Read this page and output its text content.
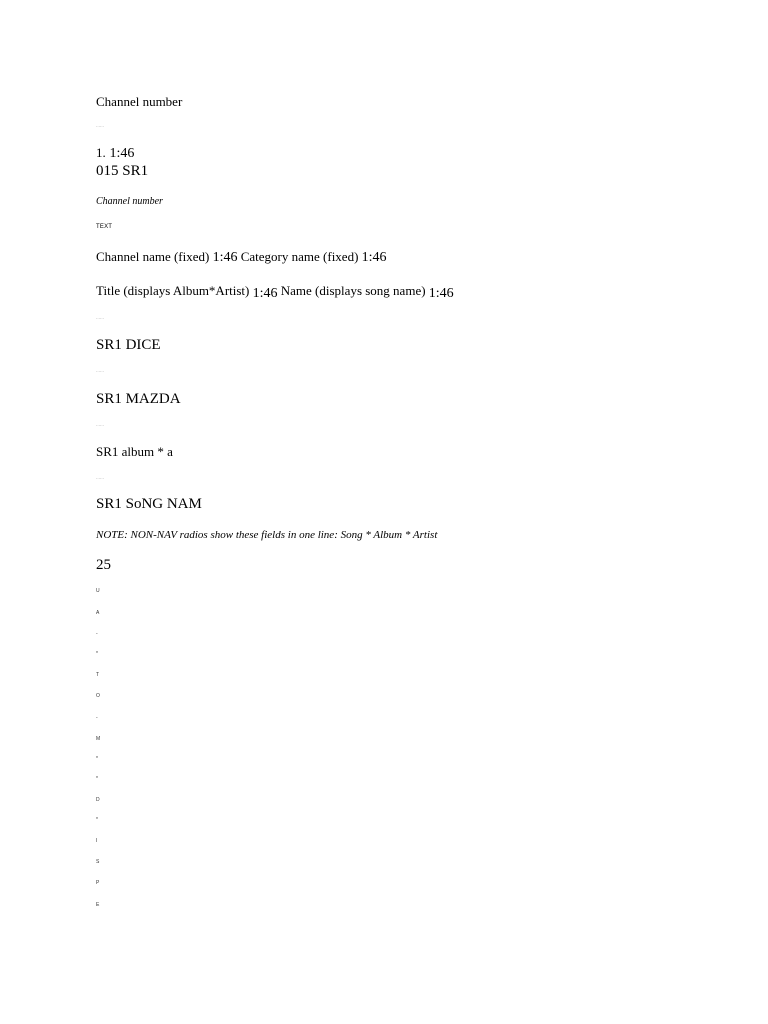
Channel number
……
1. 1:46
015 SR1
Channel number
TEXT
Channel name (fixed) 1:46 Category name (fixed) 1:46
Title (displays Album*Artist) 1:46 Name (displays song name) 1:46
……
SR1 DICE
……
SR1 MAZDA
……
SR1 album * a
……
SR1 SoNG NAM
NOTE: NON-NAV radios show these fields in one line: Song * Album * Artist
25
U
A
-
*
T
O
-
M
*
*
D
*
I
S
P
E
